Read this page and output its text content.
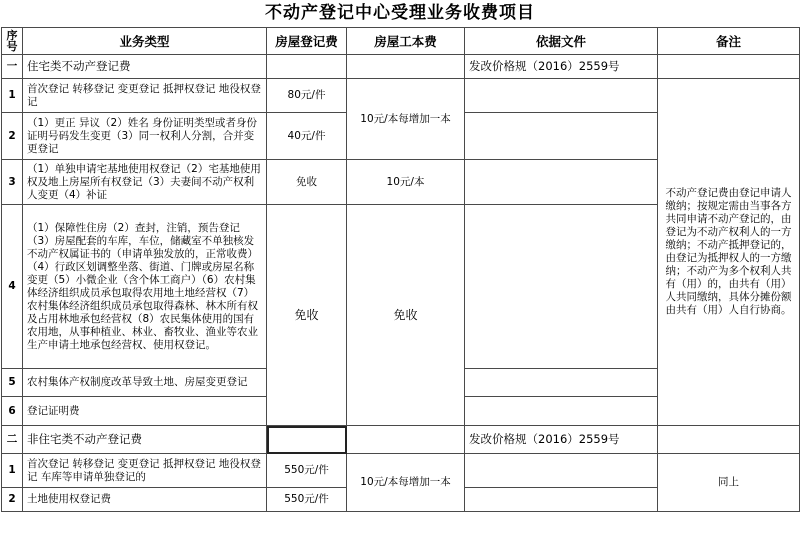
不动产登记中心受理业务收费项目
序号	业务类型	房屋登记费	房屋工本费	依据文件	备注	
一	住宅类不动产登记费			发改价格规（2016）2559号		
1	首次登记 转移登记 变更登记 抵押权登记 地役权登记	80元/件	10元/本每增加一本		不动产登记费由登记申请人缴纳；按规定需由当事各方共同申请不动产登记的，由登记为不动产权利人的一方缴纳；不动产抵押登记的，由登记为抵押权人的一方缴纳；不动产为多个权利人共有（用）的，由共有（用）人共同缴纳，具体分摊份额由共有（用）人自行协商。	
2	（1）更正 异议（2）姓名 身份证明类型或者身份证明号码发生变更（3）同一权利人分割，合并变更登记	40元/件				
3	（1）单独申请宅基地使用权登记（2）宅基地使用权及地上房屋所有权登记（3）夫妻间不动产权利人变更（4）补证	免收	10元/本			
4	（1）保障性住房（2）查封，注销，预告登记（3）房屋配套的车库，车位，储藏室不单独核发不动产权属证书的（申请单独发放的，正常收费）（4）行政区划调整坐落、街道、门牌或房屋名称变更（5）小微企业（含个体工商户）（6）农村集体经济组织成员承包取得农用地土地经营权（7）农村集体经济组织成员承包取得森林、林木所有权及占用林地承包经营权（8）农民集体使用的国有农用地，从事种植业、林业、畜牧业、渔业等农业生产申请土地承包经营权、使用权登记。	免收	免收			
5	农村集体产权制度改革导致土地、房屋变更登记					
6	登记证明费					
二	非住宅类不动产登记费			发改价格规（2016）2559号		
1	首次登记 转移登记 变更登记 抵押权登记 地役权登记 车库等申请单独登记的	550元/件	10元/本每增加一本		同上	
2	土地使用权登记费	550元/件				
